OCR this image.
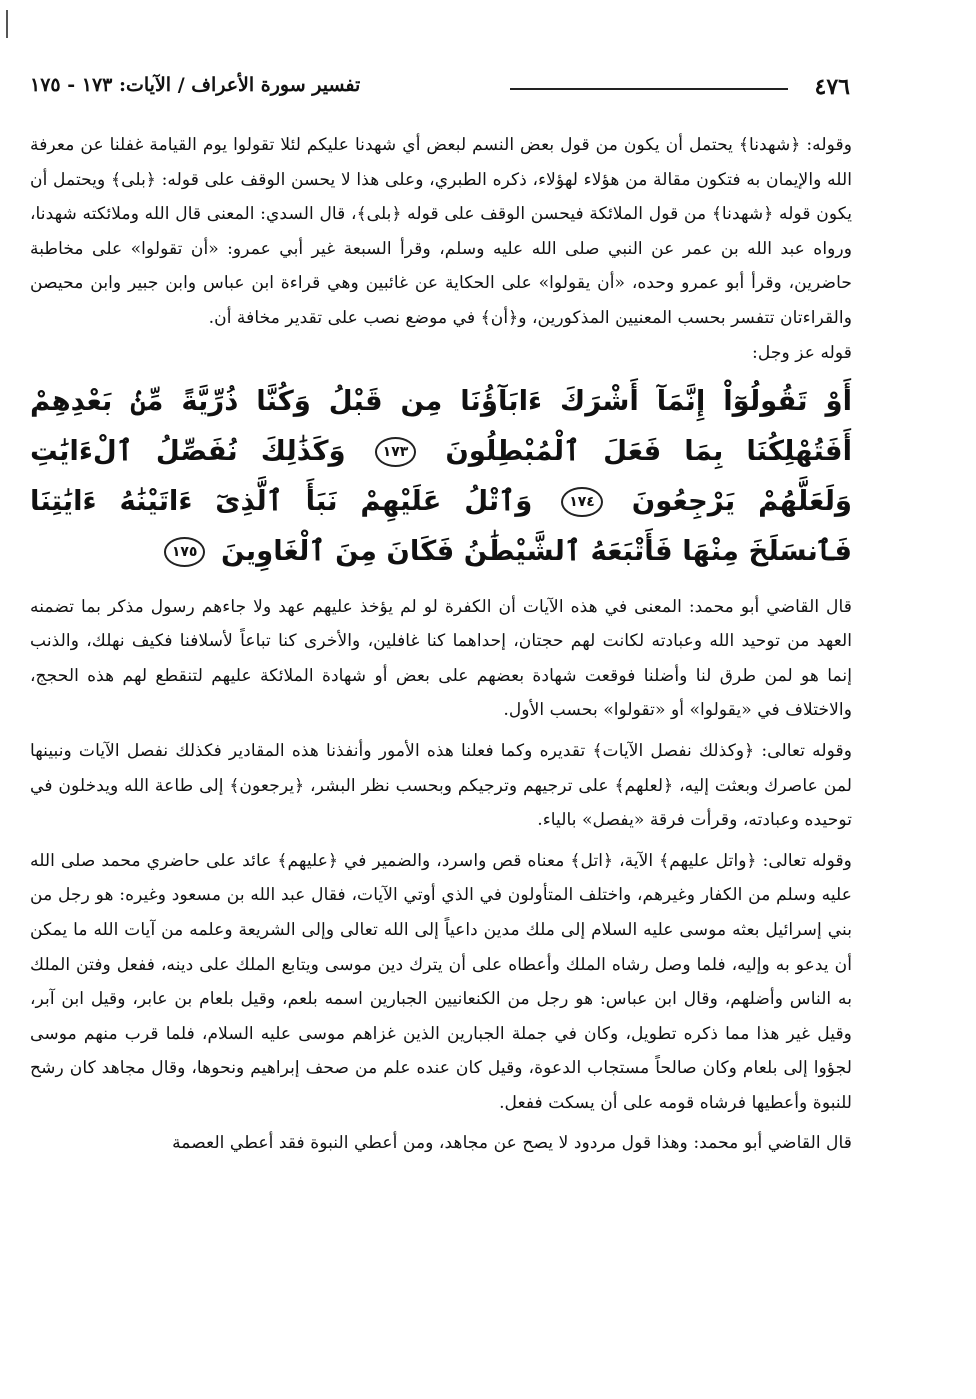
٤٧٦
تفسير سورة الأعراف / الآيات: ١٧٣ - ١٧٥

وقوله: ﴿شهدنا﴾ يحتمل أن يكون من قول بعض النسم لبعض أي شهدنا عليكم لئلا تقولوا يوم القيامة غفلنا عن معرفة الله والإيمان به فتكون مقالة من هؤلاء لهؤلاء، ذكره الطبري، وعلى هذا لا يحسن الوقف على قوله: ﴿بلى﴾ ويحتمل أن يكون قوله ﴿شهدنا﴾ من قول الملائكة فيحسن الوقف على قوله ﴿بلى﴾، قال السدي: المعنى قال الله وملائكته شهدنا، ورواه عبد الله بن عمر عن النبي صلى الله عليه وسلم، وقرأ السبعة غير أبي عمرو: «أن تقولوا» على مخاطبة حاضرين، وقرأ أبو عمرو وحده، «أن يقولوا» على الحكاية عن غائبين وهي قراءة ابن عباس وابن جبير وابن محيصن والقراءتان تتفسر بحسب المعنيين المذكورين، و﴿أن﴾ في موضع نصب على تقدير مخافة أن.

قوله عز وجل:

أَوْ تَقُولُوٓاْ إِنَّمَآ أَشْرَكَ ءَابَآؤُنَا مِن قَبْلُ وَكُنَّا ذُرِّيَّةً مِّنۢ بَعْدِهِمْ أَفَتُهْلِكُنَا بِمَا فَعَلَ ٱلْمُبْطِلُونَ ١٧٣ وَكَذَٰلِكَ نُفَصِّلُ ٱلْءَايَٰتِ وَلَعَلَّهُمْ يَرْجِعُونَ ١٧٤ وَٱتْلُ عَلَيْهِمْ نَبَأَ ٱلَّذِىٓ ءَاتَيْنَٰهُ ءَايَٰتِنَا فَٱنسَلَخَ مِنْهَا فَأَتْبَعَهُ ٱلشَّيْطَٰنُ فَكَانَ مِنَ ٱلْغَاوِينَ ١٧٥

قال القاضي أبو محمد: المعنى في هذه الآيات أن الكفرة لو لم يؤخذ عليهم عهد ولا جاءهم رسول مذكر بما تضمنه العهد من توحيد الله وعبادته لكانت لهم حجتان، إحداهما كنا غافلين، والأخرى كنا تباعاً لأسلافنا فكيف نهلك، والذنب إنما هو لمن طرق لنا وأضلنا فوقعت شهادة بعضهم على بعض أو شهادة الملائكة عليهم لتنقطع لهم هذه الحجج، والاختلاف في «يقولوا» أو «تقولوا» بحسب الأول.

وقوله تعالى: ﴿وكذلك نفصل الآيات﴾ تقديره وكما فعلنا هذه الأمور وأنفذنا هذه المقادير فكذلك نفصل الآيات ونبينها لمن عاصرك وبعثت إليه، ﴿لعلهم﴾ على ترجيهم وترجيكم وبحسب نظر البشر، ﴿يرجعون﴾ إلى طاعة الله ويدخلون في توحيده وعبادته، وقرأت فرقة «يفصل» بالياء.

وقوله تعالى: ﴿واتل عليهم﴾ الآية، ﴿اتل﴾ معناه قص واسرد، والضمير في ﴿عليهم﴾ عائد على حاضري محمد صلى الله عليه وسلم من الكفار وغيرهم، واختلف المتأولون في الذي أوتي الآيات، فقال عبد الله بن مسعود وغيره: هو رجل من بني إسرائيل بعثه موسى عليه السلام إلى ملك مدين داعياً إلى الله تعالى وإلى الشريعة وعلمه من آيات الله ما يمكن أن يدعو به وإليه، فلما وصل رشاه الملك وأعطاه على أن يترك دين موسى ويتابع الملك على دينه، ففعل وفتن الملك به الناس وأضلهم، وقال ابن عباس: هو رجل من الكنعانيين الجبارين اسمه بلعم، وقيل بلعام بن عابر، وقيل ابن آبر، وقيل غير هذا مما ذكره تطويل، وكان في جملة الجبارين الذين غزاهم موسى عليه السلام، فلما قرب منهم موسى لجؤوا إلى بلعام وكان صالحاً مستجاب الدعوة، وقيل كان عنده علم من صحف إبراهيم ونحوها، وقال مجاهد كان رشح للنبوة وأعطيها فرشاه قومه على أن يسكت ففعل.

قال القاضي أبو محمد: وهذا قول مردود لا يصح عن مجاهد، ومن أعطي النبوة فقد أعطي العصمة
